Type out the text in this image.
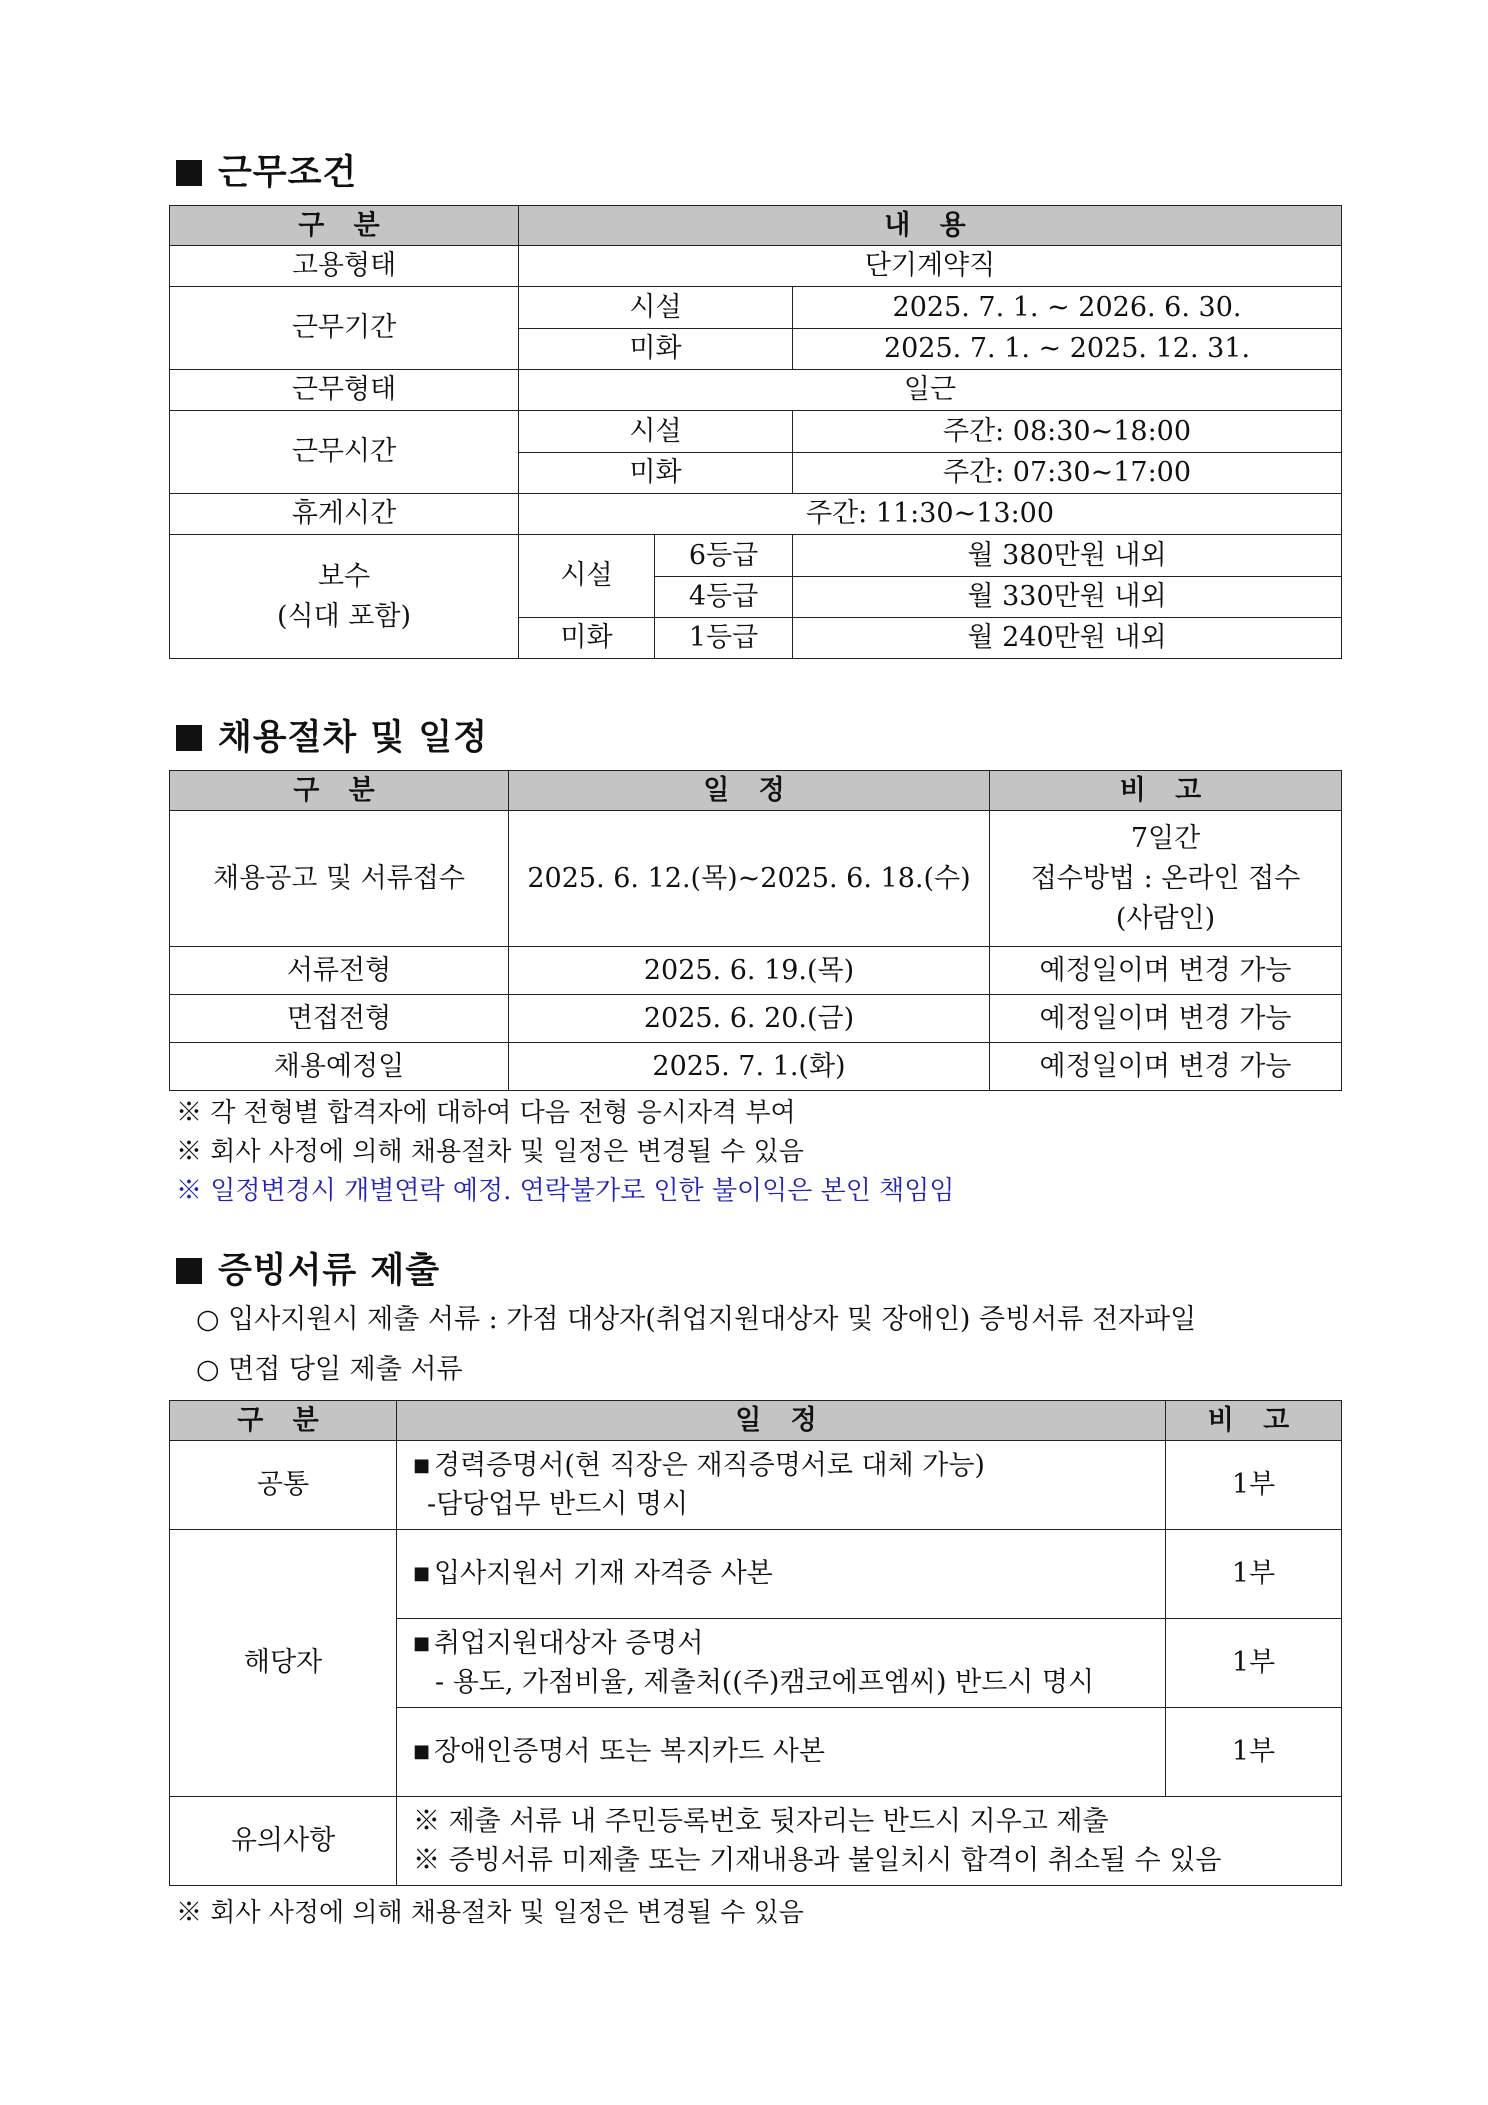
근무조건
구 분	내 용		
고용형태	단기계약직		
근무기간	시설		2025. 7. 1. ~ 2026. 6. 30.
	미화		2025. 7. 1. ~ 2025. 12. 31.
근무형태	일근		
근무시간	시설		주간: 08:30~18:00
	미화		주간: 07:30~17:00
휴게시간	주간: 11:30~13:00		

보수
(식대 포함)	시설	6등급	월 380만원 내외
		4등급	월 330만원 내외
	미화	1등급	월 240만원 내외
채용절차 및 일정
구 분	일 정	비 고
채용공고 및 서류접수	2025. 6. 12.(목)~2025. 6. 18.(수)	7일간
접수방법 : 온라인 접수
(사람인)

서류전형	2025. 6. 19.(목)	예정일이며 변경 가능
면접전형	2025. 6. 20.(금)	예정일이며 변경 가능
채용예정일	2025. 7. 1.(화)	예정일이며 변경 가능
※ 각 전형별 합격자에 대하여 다음 전형 응시자격 부여
※ 회사 사정에 의해 채용절차 및 일정은 변경될 수 있음
※ 일정변경시 개별연락 예정. 연락불가로 인한 불이익은 본인 책임임
증빙서류 제출
○ 입사지원시 제출 서류 : 가점 대상자(취업지원대상자 및 장애인) 증빙서류 전자파일
○ 면접 당일 제출 서류
구 분	일 정	비 고
공통	■ 경력증명서(현 직장은 재직증명서로 대체 가능)
-담당업무 반드시 명시	1부
해당자	■ 입사지원서 기재 자격증 사본	1부

	■ 취업지원대상자 증명서
- 용도, 가점비율, 제출처((주)캠코에프엠씨) 반드시 명시	1부
	■ 장애인증명서 또는 복지카드 사본	1부
유의사항	※ 제출 서류 내 주민등록번호 뒷자리는 반드시 지우고 제출
※ 증빙서류 미제출 또는 기재내용과 불일치시 합격이 취소될 수 있음	
※ 회사 사정에 의해 채용절차 및 일정은 변경될 수 있음
